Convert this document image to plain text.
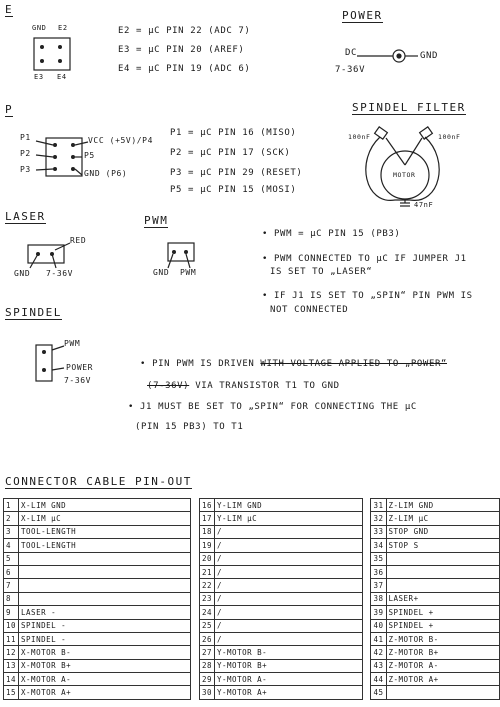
E
GND E2
E3 E4
E2 = μC PIN 22 (ADC 7)
E3 = μC PIN 20 (AREF)
E4 = μC PIN 19 (ADC 6)
POWER
DC
7-36V
GND
P
P1
P2
P3
VCC (+5V)/P4
P5
GND (P6)
P1 = μC PIN 16 (MISO)
P2 = μC PIN 17 (SCK)
P3 = μC PIN 29 (RESET)
P5 = μC PIN 15 (MOSI)
SPINDEL FILTER
100nF	100nF
MOTOR
47nF
LASER
RED
GND 7-36V
PWM
GND PWM
• PWM = μC PIN 15 (PB3)
• PWM CONNECTED TO μC IF JUMPER J1
IS SET TO „LASER“
• IF J1 IS SET TO „SPIN“ PIN PWM IS
NOT CONNECTED
SPINDEL
PWM
POWER
7-36V

• PIN PWM IS DRIVEN WITH VOLTAGE APPLIED TO „POWER“

(7-36V) VIA TRANSISTOR T1 TO GND

• J1 MUST BE SET TO „SPIN“ FOR CONNECTING THE μC
(PIN 15 PB3) TO T1
CONNECTOR CABLE PIN-OUT
1	X-LIM GND		16	Y-LIM GND		31	Z-LIM GND
2	X-LIM μC		17	Y-LIM μC		32	Z-LIM μC
3	TOOL-LENGTH		18	/		33	STOP GND
4	TOOL-LENGTH		19	/		34	STOP S
5			20	/		35	
6			21	/		36	
7			22	/		37	
8			23	/		38	LASER+
9	LASER -		24	/		39	SPINDEL +
10	SPINDEL -		25	/		40	SPINDEL +
11	SPINDEL -		26	/		41	Z-MOTOR B-
12	X-MOTOR B-		27	Y-MOTOR B-		42	Z-MOTOR B+
13	X-MOTOR B+		28	Y-MOTOR B+		43	Z-MOTOR A-
14	X-MOTOR A-		29	Y-MOTOR A-		44	Z-MOTOR A+
15	X-MOTOR A+		30	Y-MOTOR A+		45	
